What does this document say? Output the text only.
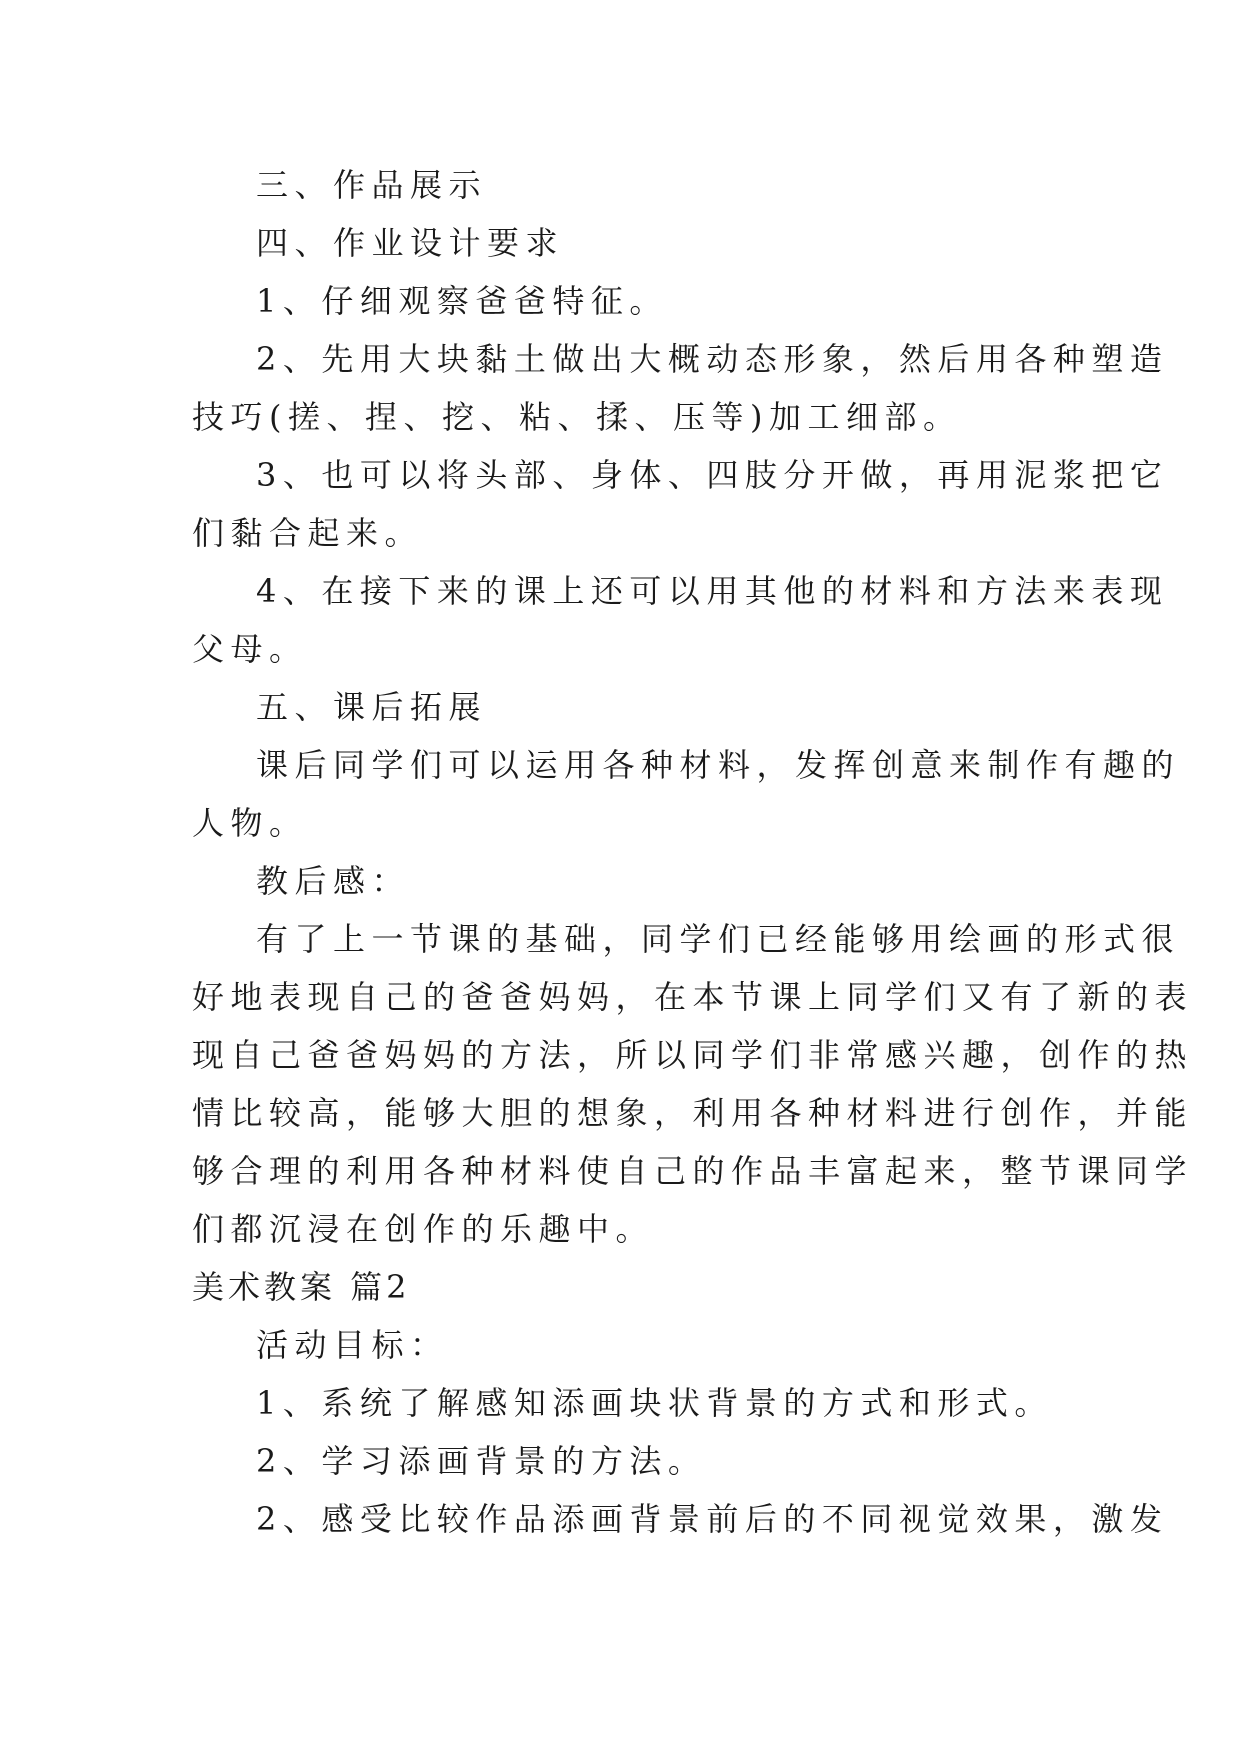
三、作品展示
四、作业设计要求
1、仔细观察爸爸特征。
2、先用大块黏土做出大概动态形象，然后用各种塑造
技巧(搓、捏、挖、粘、揉、压等)加工细部。
3、也可以将头部、身体、四肢分开做，再用泥浆把它
们黏合起来。
4、在接下来的课上还可以用其他的材料和方法来表现
父母。
五、课后拓展
课后同学们可以运用各种材料，发挥创意来制作有趣的
人物。
教后感：
有了上一节课的基础，同学们已经能够用绘画的形式很
好地表现自己的爸爸妈妈，在本节课上同学们又有了新的表
现自己爸爸妈妈的方法，所以同学们非常感兴趣，创作的热
情比较高，能够大胆的想象，利用各种材料进行创作，并能
够合理的利用各种材料使自己的作品丰富起来，整节课同学
们都沉浸在创作的乐趣中。
美术教案 篇2
活动目标：
1、系统了解感知添画块状背景的方式和形式。
2、学习添画背景的方法。
2、感受比较作品添画背景前后的不同视觉效果，激发
